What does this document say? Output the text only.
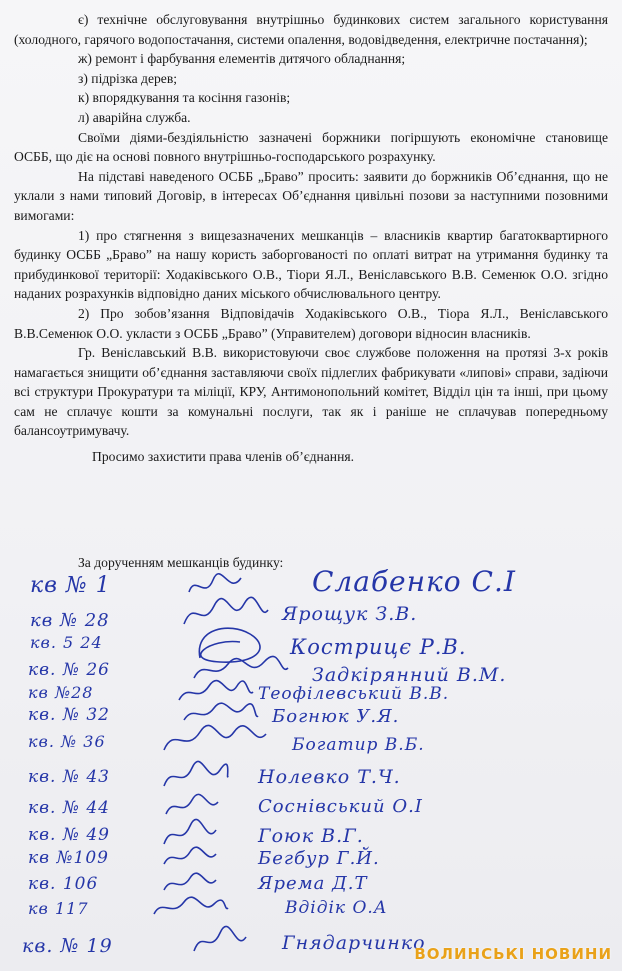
є) технічне обслуговування внутрішньо будинкових систем загального користування (холодного, гарячого водопостачання, системи опалення, водовідведення, електричне постачання);

ж) ремонт і фарбування елементів дитячого обладнання;

з) підрізка дерев;

к) впорядкування та косіння газонів;

л) аварійна служба.

Своїми діями-бездіяльністю зазначені боржники погіршують економічне становище ОСББ, що діє на основі повного внутрішньо-господарського розрахунку.

На підставі наведеного ОСББ „Браво” просить: заявити до боржників Об’єднання, що не уклали з нами типовий Договір, в інтересах Об’єднання цивільні позови за наступними позовними вимогами:

1) про стягнення з вищезазначених мешканців – власників квартир багатоквартирного будинку ОСББ „Браво” на нашу користь заборгованості по оплаті витрат на утримання будинку та прибудинкової території: Ходаківського О.В., Тіори Я.Л., Веніславського В.В. Семенюк О.О. згідно наданих розрахунків відповідно даних міського обчислювального центру.

2) Про зобов’язання Відповідачів Ходаківського О.В., Тіора Я.Л., Веніславського В.В.Семенюк О.О. укласти з ОСББ „Браво” (Управителем) договори відносин власників.

Гр. Веніславський В.В. використовуючи своє службове положення на протязі 3-х років намагається знищити об’єднання заставляючи своїх підлеглих фабрикувати «липові» справи, задіючи всі структури Прокуратури та міліції, КРУ, Антимонопольний комітет, Відділ цін та інші, при цьому сам не сплачує кошти за комунальні послуги, так як і раніше не сплачував попередньому балансоутримувачу.

Просимо захистити права членів об’єднання.

За дорученням мешканців будинку:
кв № 1	Слабенко С.І
кв № 28	Ярощук З.В.
кв. 5 24	Кострицє Р.В.
кв. № 26	Задкірянний В.М.
кв №28	Теофілевський В.В.
кв. № 32	Богнюк У.Я.
кв. № 36	Богатир В.Б.
кв. № 43	Нолевко Т.Ч.
кв. № 44	Соснівський О.І
кв. № 49	Гоюк В.Г.
кв №109	Бегбур Г.Й.
кв. 106	Ярема Д.Т
кв 117	Вдідік О.А
кв. № 19	Гнядарчинко
ВОЛИНСЬКІ НОВИНИ
